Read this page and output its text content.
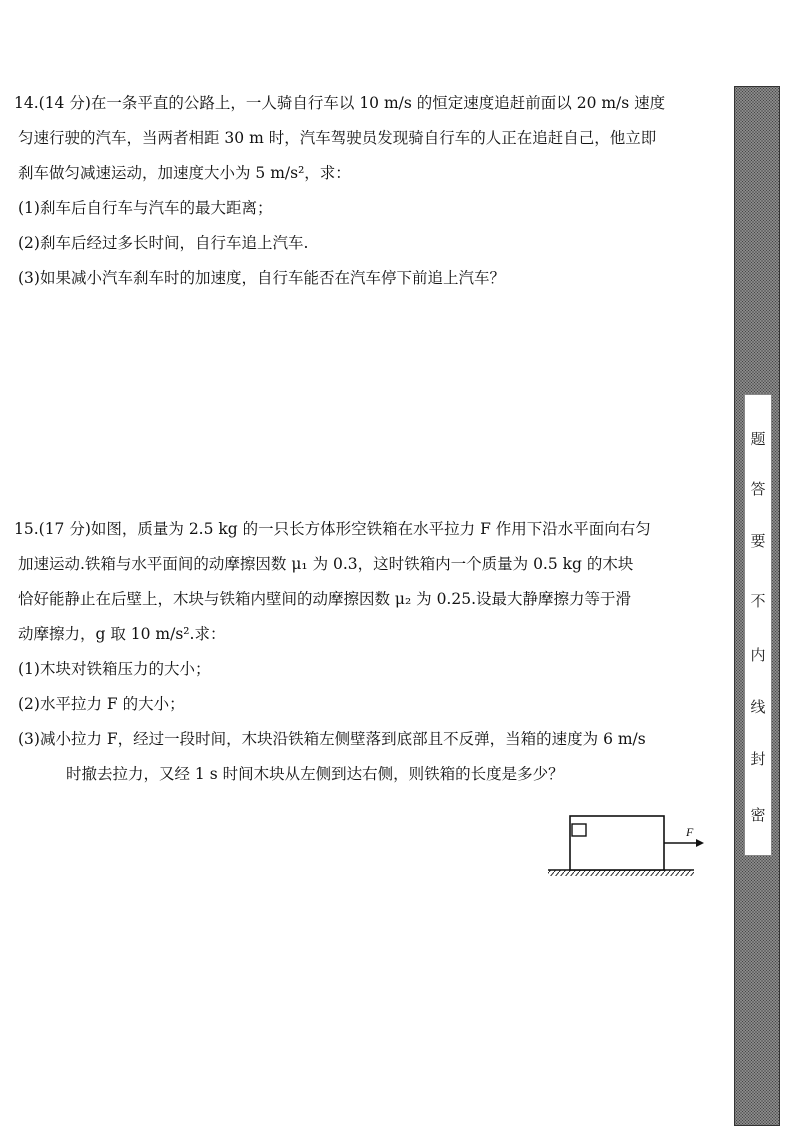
14.(14 分)在一条平直的公路上，一人骑自行车以 10 m/s 的恒定速度追赶前面以 20 m/s 速度
匀速行驶的汽车，当两者相距 30 m 时，汽车驾驶员发现骑自行车的人正在追赶自己，他立即
刹车做匀减速运动，加速度大小为 5 m/s²，求：
(1)刹车后自行车与汽车的最大距离；
(2)刹车后经过多长时间，自行车追上汽车.
(3)如果减小汽车刹车时的加速度，自行车能否在汽车停下前追上汽车？
15.(17 分)如图，质量为 2.5 kg 的一只长方体形空铁箱在水平拉力 F 作用下沿水平面向右匀
加速运动.铁箱与水平面间的动摩擦因数 μ₁ 为 0.3，这时铁箱内一个质量为 0.5 kg 的木块
恰好能静止在后壁上，木块与铁箱内壁间的动摩擦因数 μ₂ 为 0.25.设最大静摩擦力等于滑
动摩擦力，g 取 10 m/s².求：
(1)木块对铁箱压力的大小；
(2)水平拉力 F 的大小；
(3)减小拉力 F，经过一段时间，木块沿铁箱左侧壁落到底部且不反弹，当箱的速度为 6 m/s
时撤去拉力，又经 1 s 时间木块从左侧到达右侧，则铁箱的长度是多少？
F
题
答
要
不
内
线
封
密
